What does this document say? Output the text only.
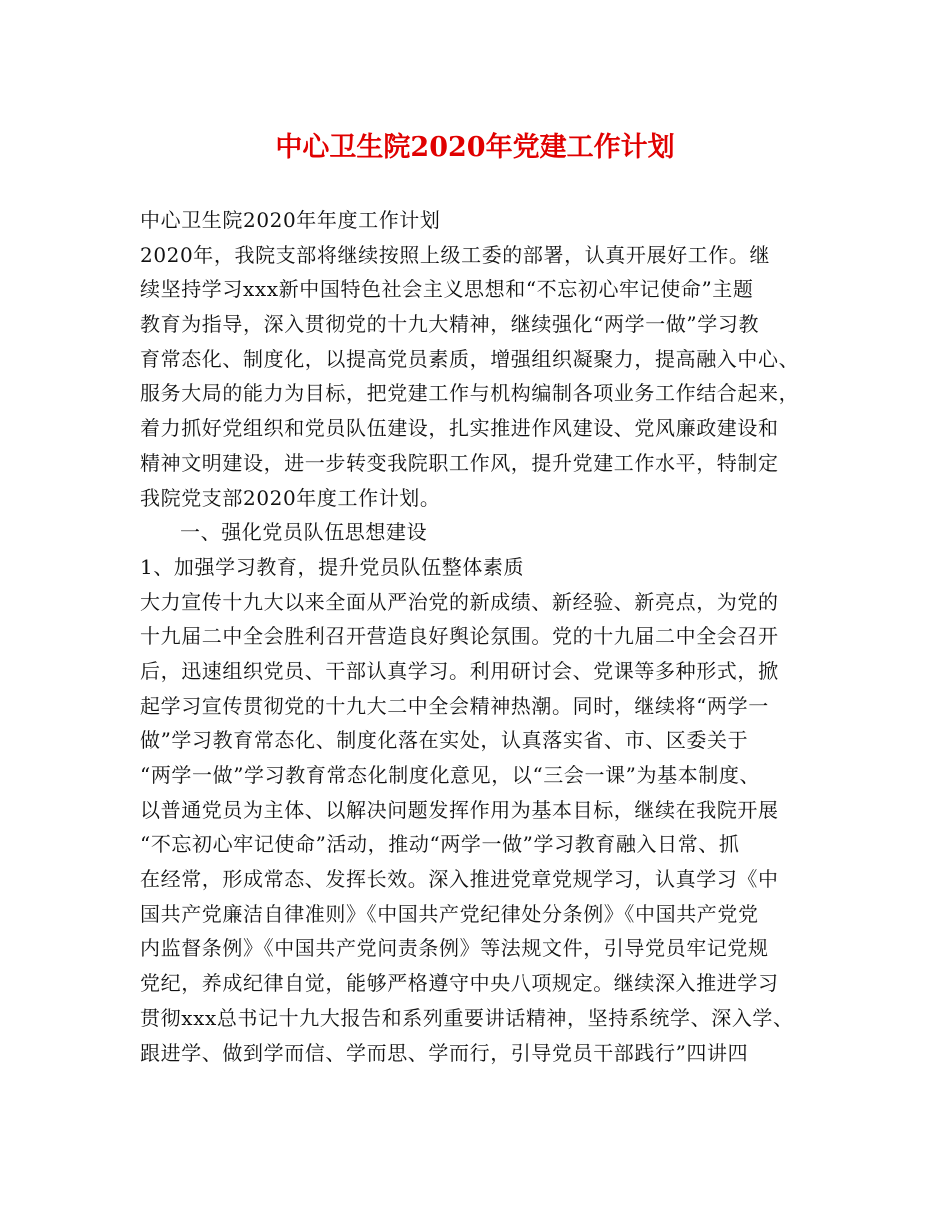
中心卫生院2020年党建工作计划
中心卫生院2020年年度工作计划
2020年，我院支部将继续按照上级工委的部署，认真开展好工作。继
续坚持学习xxx新中国特色社会主义思想和“不忘初心牢记使命”主题
教育为指导，深入贯彻党的十九大精神，继续强化“两学一做”学习教
育常态化、制度化，以提高党员素质，增强组织凝聚力，提高融入中心、
服务大局的能力为目标，把党建工作与机构编制各项业务工作结合起来，
着力抓好党组织和党员队伍建设，扎实推进作风建设、党风廉政建设和
精神文明建设，进一步转变我院职工作风，提升党建工作水平，特制定
我院党支部2020年度工作计划。
一、强化党员队伍思想建设
1、加强学习教育，提升党员队伍整体素质
大力宣传十九大以来全面从严治党的新成绩、新经验、新亮点，为党的
十九届二中全会胜利召开营造良好舆论氛围。党的十九届二中全会召开
后，迅速组织党员、干部认真学习。利用研讨会、党课等多种形式，掀
起学习宣传贯彻党的十九大二中全会精神热潮。同时，继续将“两学一
做”学习教育常态化、制度化落在实处，认真落实省、市、区委关于
“两学一做”学习教育常态化制度化意见，以“三会一课”为基本制度、
以普通党员为主体、以解决问题发挥作用为基本目标，继续在我院开展
“不忘初心牢记使命”活动，推动“两学一做”学习教育融入日常、抓
在经常，形成常态、发挥长效。深入推进党章党规学习，认真学习《中
国共产党廉洁自律准则》《中国共产党纪律处分条例》《中国共产党党
内监督条例》《中国共产党问责条例》等法规文件，引导党员牢记党规
党纪，养成纪律自觉，能够严格遵守中央八项规定。继续深入推进学习
贯彻xxx总书记十九大报告和系列重要讲话精神，坚持系统学、深入学、
跟进学、做到学而信、学而思、学而行，引导党员干部践行”四讲四
